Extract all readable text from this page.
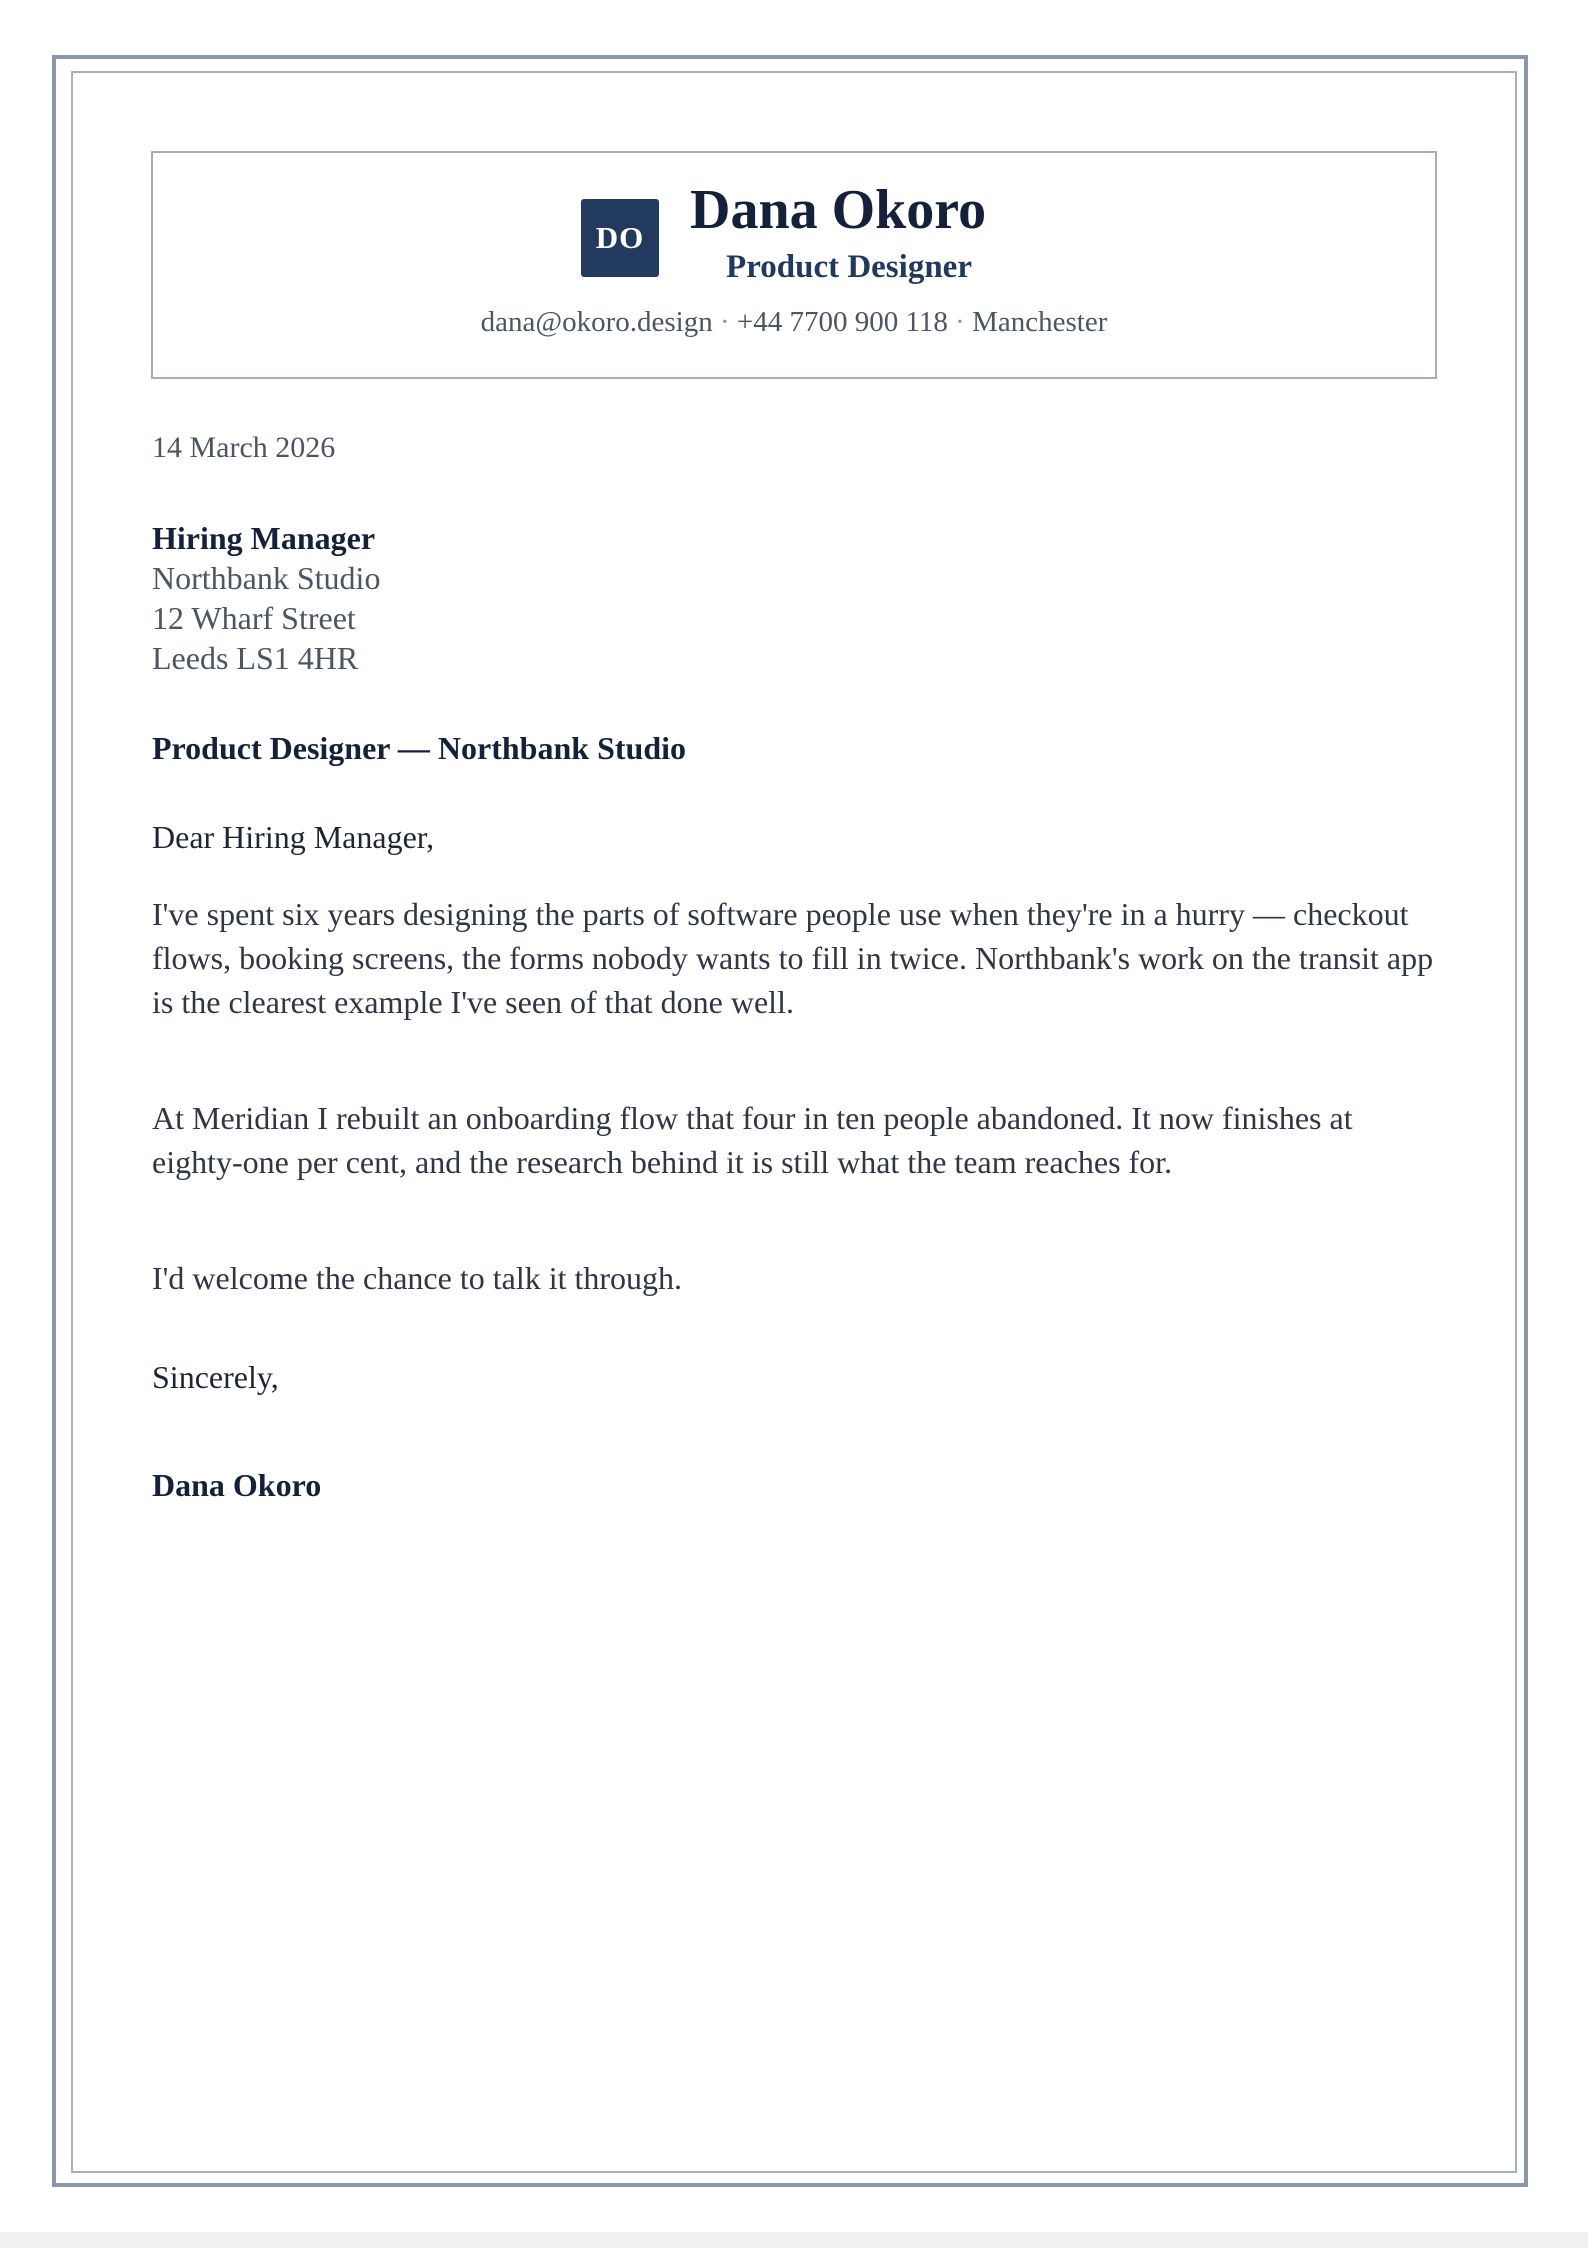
DO Dana Okoro
Product Designer
dana@okoro.design · +44 7700 900 118 · Manchester
14 March 2026
Hiring Manager
Northbank Studio
12 Wharf Street
Leeds LS1 4HR
Product Designer — Northbank Studio
Dear Hiring Manager,
I've spent six years designing the parts of software people use when they're in a hurry — checkout flows, booking screens, the forms nobody wants to fill in twice. Northbank's work on the transit app is the clearest example I've seen of that done well.
At Meridian I rebuilt an onboarding flow that four in ten people abandoned. It now finishes at eighty-one per cent, and the research behind it is still what the team reaches for.
I'd welcome the chance to talk it through.
Sincerely,
Dana Okoro
